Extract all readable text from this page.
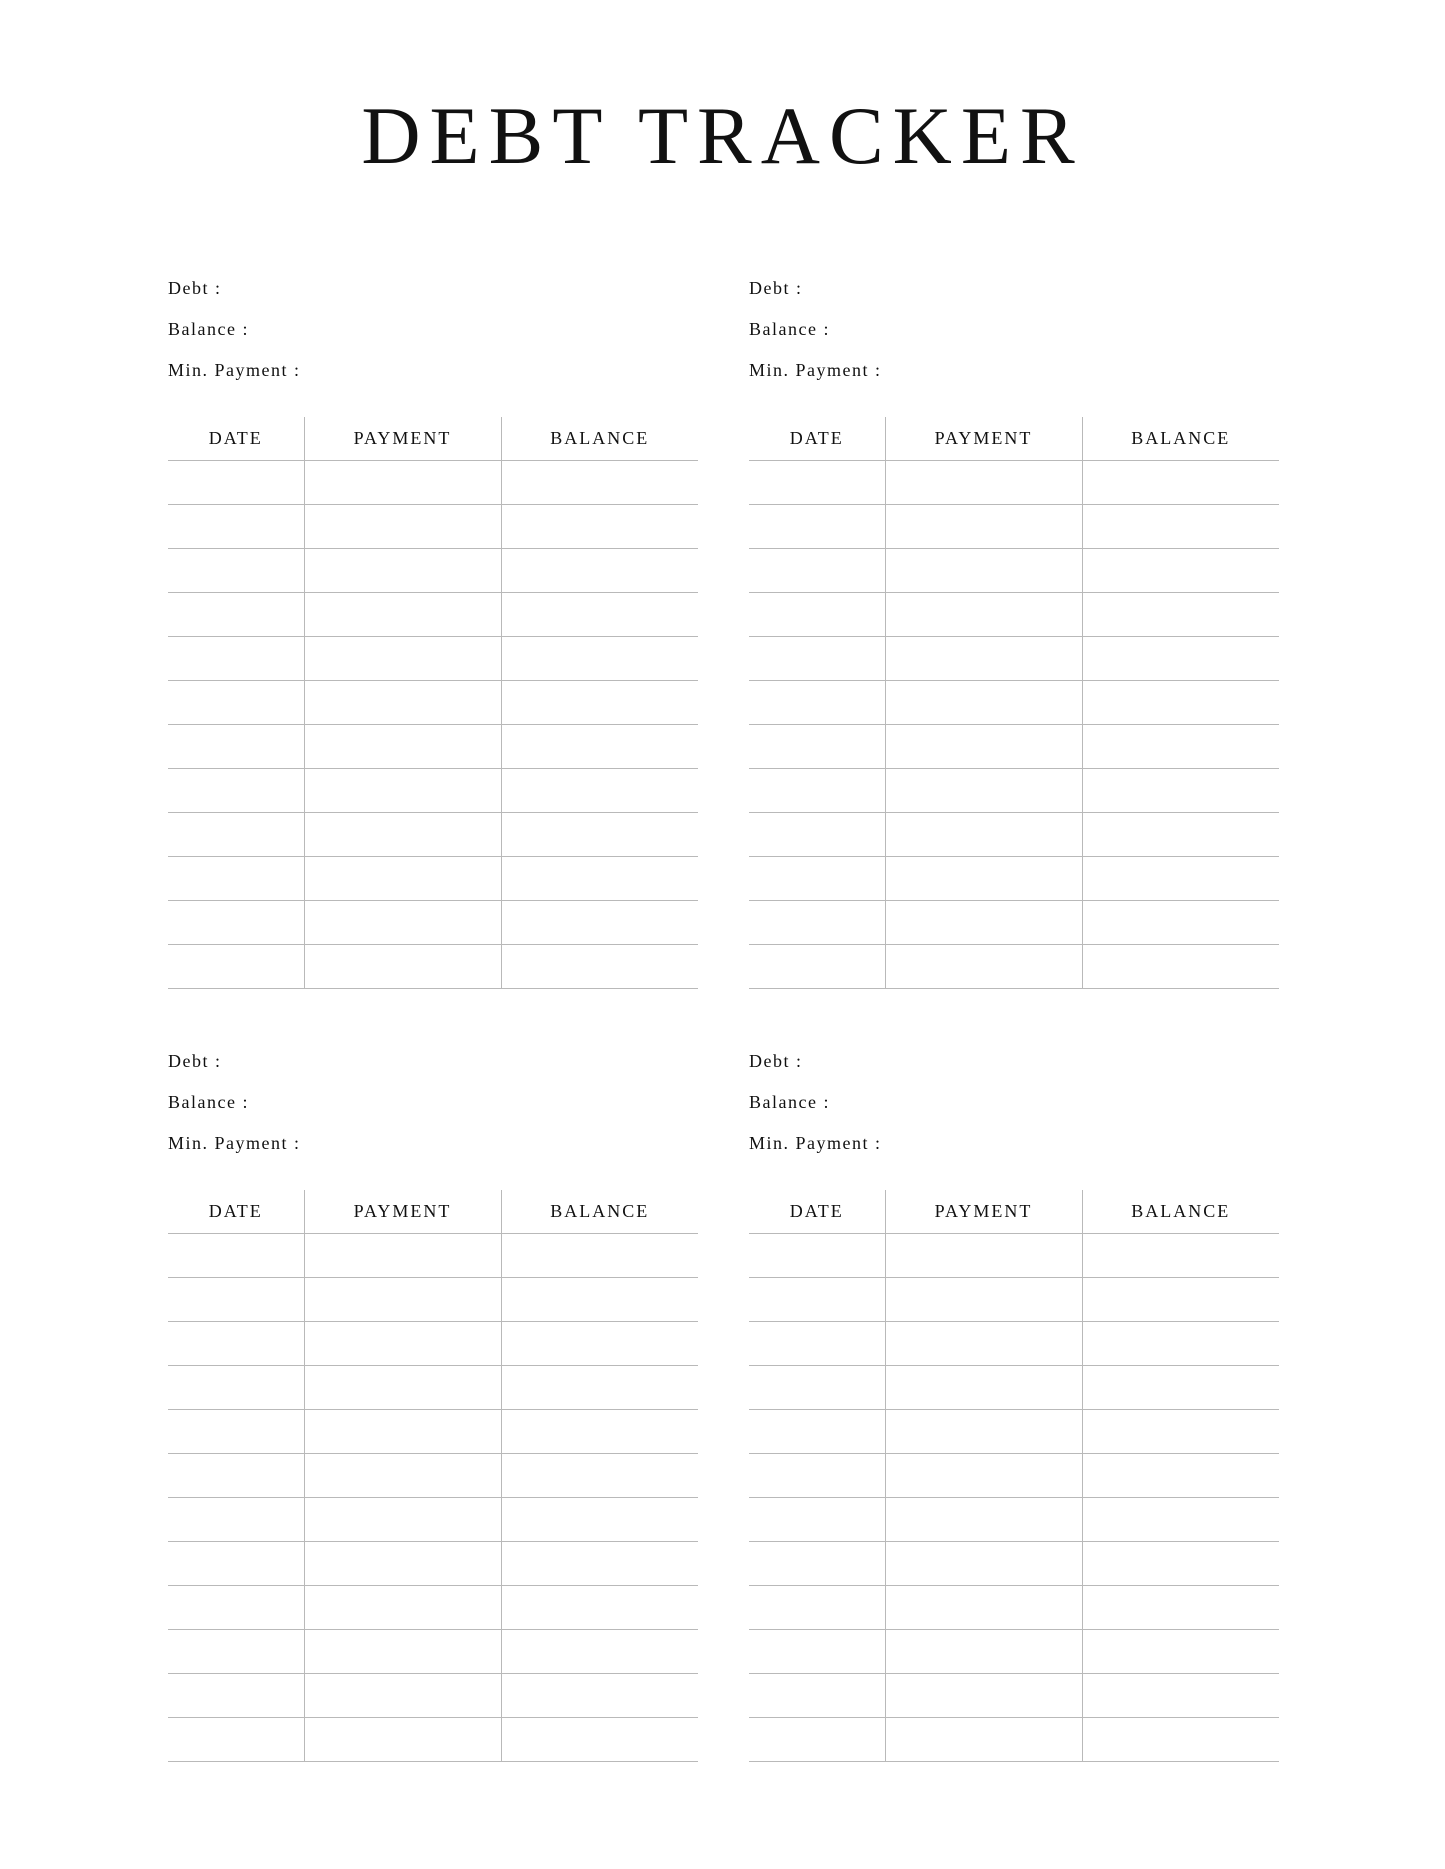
DEBT TRACKER
Debt :
Balance :
Min. Payment :
DATE	PAYMENT	BALANCE

Debt :
Balance :
Min. Payment :
DATE	PAYMENT	BALANCE

Debt :
Balance :
Min. Payment :
DATE	PAYMENT	BALANCE

Debt :
Balance :
Min. Payment :
DATE	PAYMENT	BALANCE
